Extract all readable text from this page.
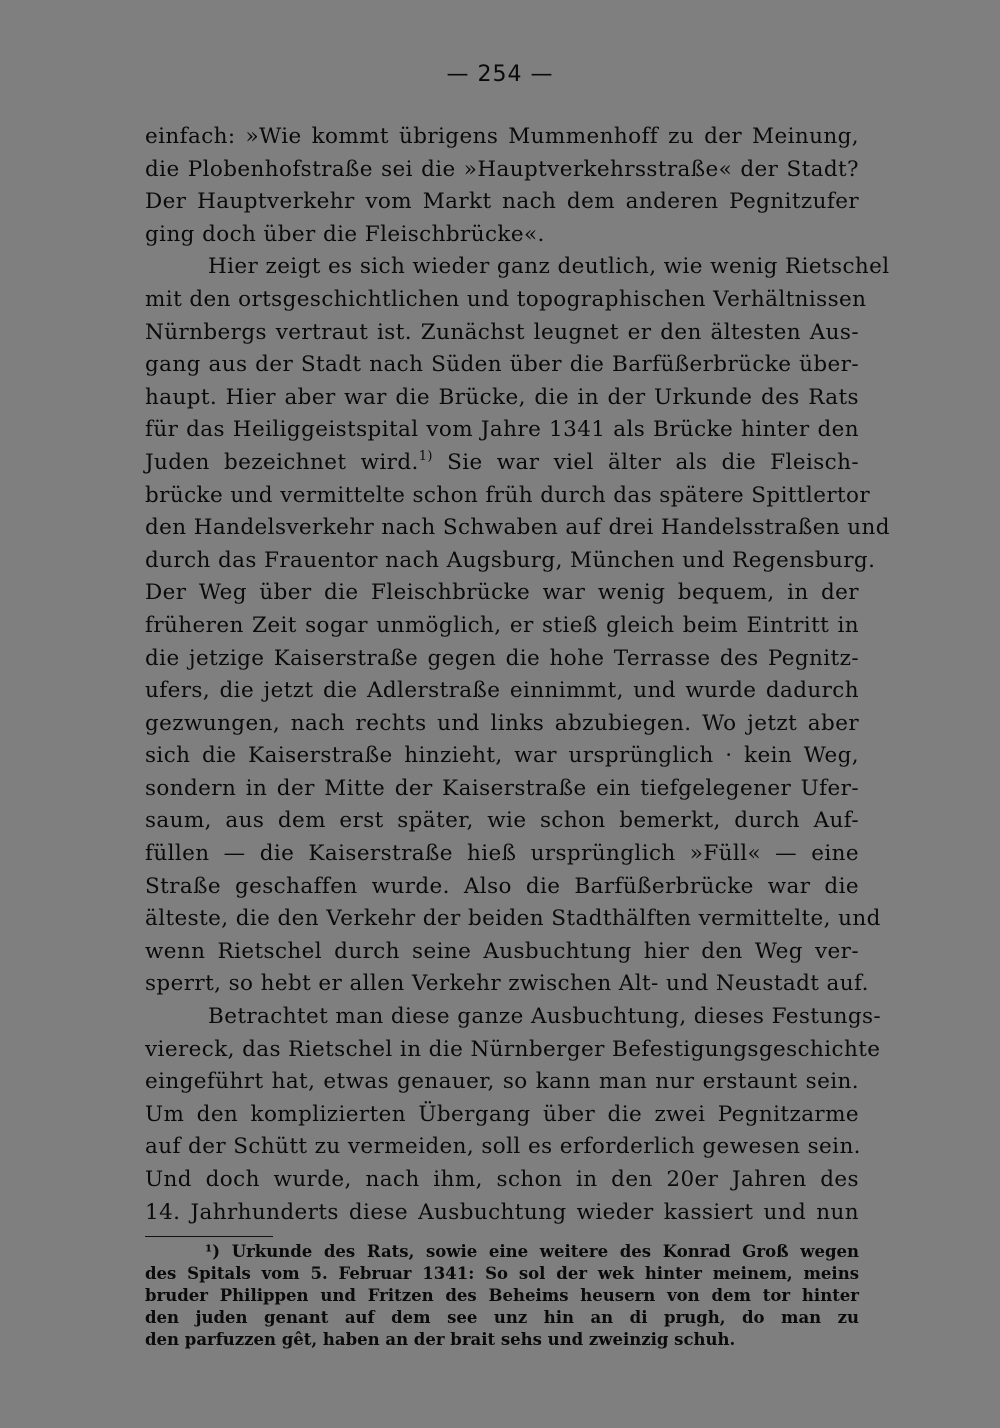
— 254 —
einfach: »Wie kommt übrigens Mummenhoff zu der Meinung,
die Plobenhofstraße sei die »Hauptverkehrsstraße« der Stadt?
Der Hauptverkehr vom Markt nach dem anderen Pegnitzufer
ging doch über die Fleischbrücke«.
Hier zeigt es sich wieder ganz deutlich, wie wenig Rietschel
mit den ortsgeschichtlichen und topographischen Verhältnissen
Nürnbergs vertraut ist. Zunächst leugnet er den ältesten Aus-
gang aus der Stadt nach Süden über die Barfüßerbrücke über-
haupt. Hier aber war die Brücke, die in der Urkunde des Rats
für das Heiliggeistspital vom Jahre 1341 als Brücke hinter den
Juden bezeichnet wird.$^{1)}$ Sie war viel älter als die Fleisch-
brücke und vermittelte schon früh durch das spätere Spittlertor
den Handelsverkehr nach Schwaben auf drei Handelsstraßen und
durch das Frauentor nach Augsburg, München und Regensburg.
Der Weg über die Fleischbrücke war wenig bequem, in der
früheren Zeit sogar unmöglich, er stieß gleich beim Eintritt in
die jetzige Kaiserstraße gegen die hohe Terrasse des Pegnitz-
ufers, die jetzt die Adlerstraße einnimmt, und wurde dadurch
gezwungen, nach rechts und links abzubiegen. Wo jetzt aber
sich die Kaiserstraße hinzieht, war ursprünglich · kein Weg,
sondern in der Mitte der Kaiserstraße ein tiefgelegener Ufer-
saum, aus dem erst später, wie schon bemerkt, durch Auf-
füllen — die Kaiserstraße hieß ursprünglich »Füll« — eine
Straße geschaffen wurde. Also die Barfüßerbrücke war die
älteste, die den Verkehr der beiden Stadthälften vermittelte, und
wenn Rietschel durch seine Ausbuchtung hier den Weg ver-
sperrt, so hebt er allen Verkehr zwischen Alt- und Neustadt auf.
Betrachtet man diese ganze Ausbuchtung, dieses Festungs-
viereck, das Rietschel in die Nürnberger Befestigungsgeschichte
eingeführt hat, etwas genauer, so kann man nur erstaunt sein.
Um den komplizierten Übergang über die zwei Pegnitzarme
auf der Schütt zu vermeiden, soll es erforderlich gewesen sein.
Und doch wurde, nach ihm, schon in den 20er Jahren des
14. Jahrhunderts diese Ausbuchtung wieder kassiert und nun
¹) Urkunde des Rats, sowie eine weitere des Konrad Groß wegen
des Spitals vom 5. Februar 1341: So sol der wek hinter meinem, meins
bruder Philippen und Fritzen des Beheims heusern von dem tor hinter
den juden genant auf dem see unz hin an di prugh, do man zu
den parfuzzen gêt, haben an der brait sehs und zweinzig schuh.
